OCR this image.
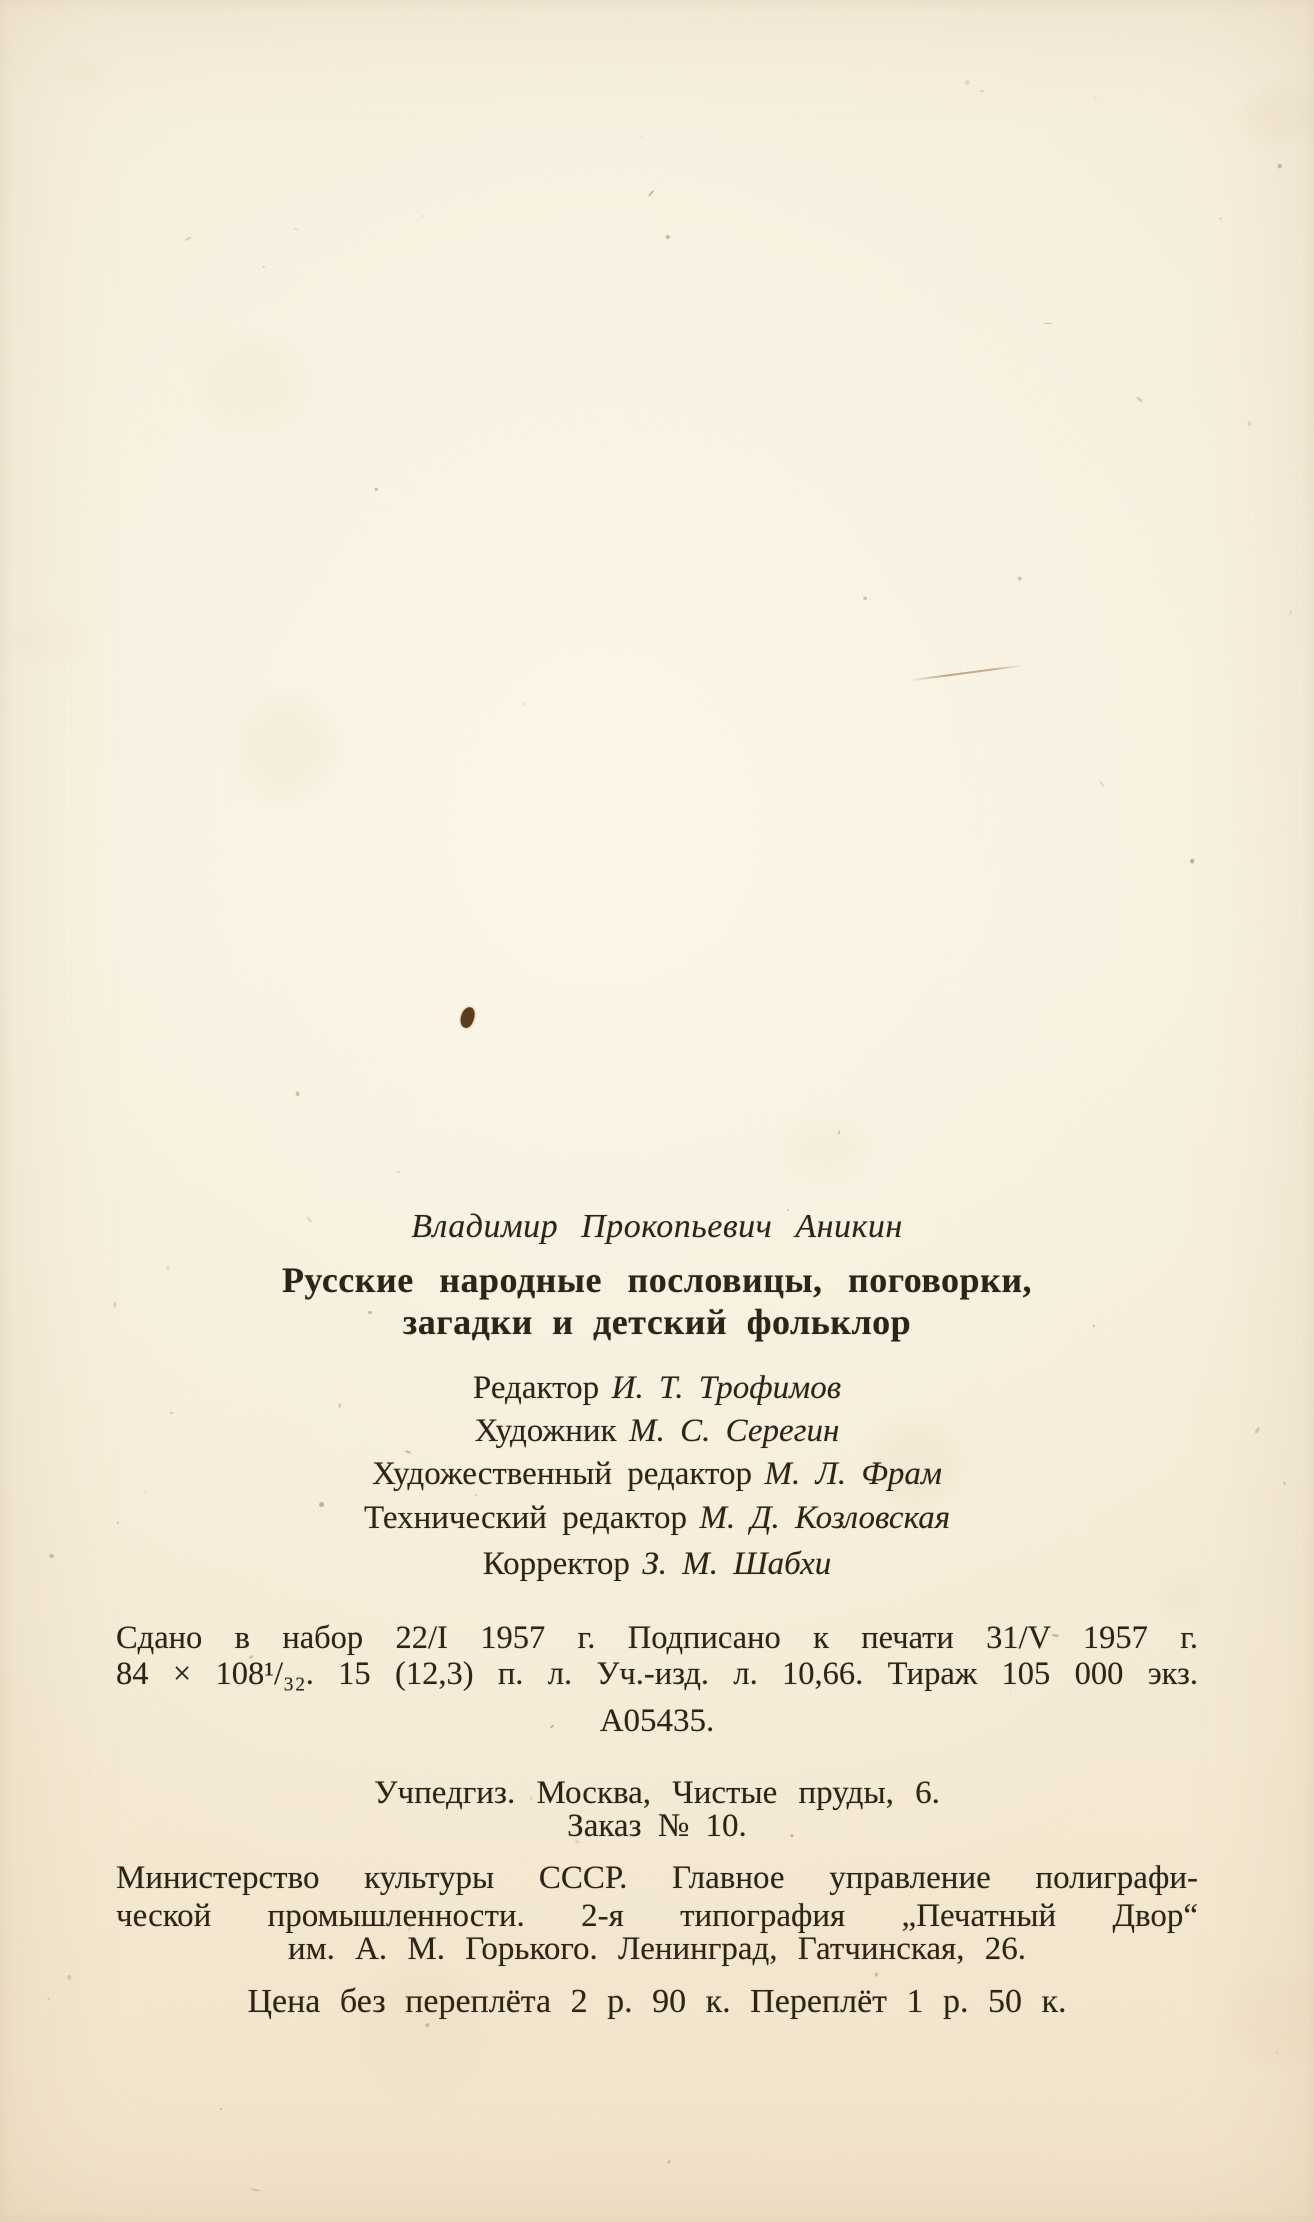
Владимир Прокопьевич Аникин
Русские народные пословицы, поговорки,
загадки и детский фольклор
Редактор И. Т. Трофимов
Художник М. С. Серегин
Художественный редактор М. Л. Фрам
Технический редактор М. Д. Козловская
Корректор З. М. Шабхи
Сдано в набор 22/I 1957 г. Подписано к печати 31/V 1957 г.
84 × 108¹/₃₂. 15 (12,3) п. л. Уч.-изд. л. 10,66. Тираж 105 000 экз.
А05435.
Учпедгиз. Москва, Чистые пруды, 6.
Заказ № 10.
Министерство культуры СССР. Главное управление полиграфи-
ческой промышленности. 2-я типография „Печатный Двор“
им. А. М. Горького. Ленинград, Гатчинская, 26.
Цена без переплёта 2 р. 90 к. Переплёт 1 р. 50 к.
